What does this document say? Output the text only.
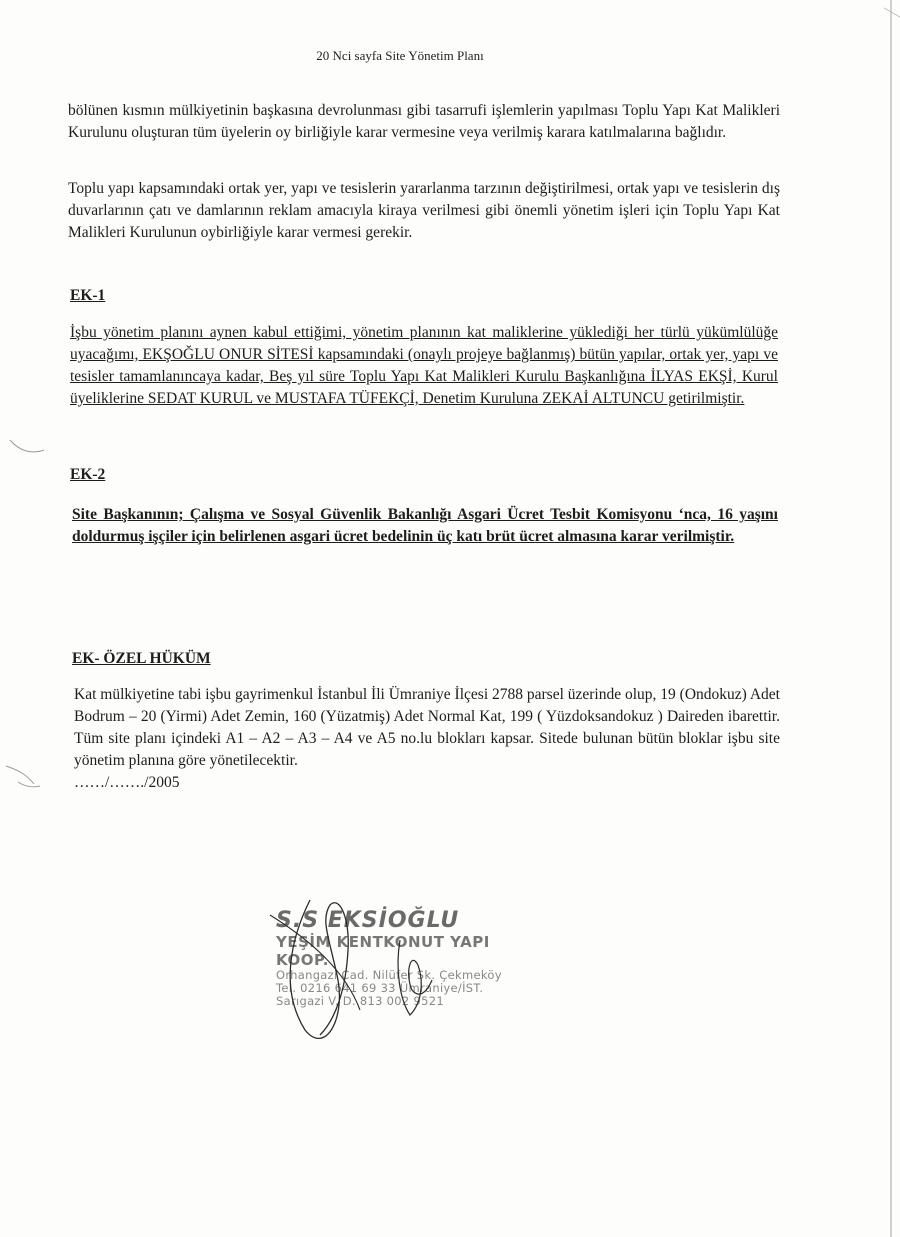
20 Nci sayfa Site Yönetim Planı

bölünen kısmın mülkiyetinin başkasına devrolunması gibi tasarrufi işlemlerin yapılması Toplu Yapı Kat Malikleri Kurulunu oluşturan tüm üyelerin oy birliğiyle karar vermesine veya verilmiş karara katılmalarına bağlıdır.

Toplu yapı kapsamındaki ortak yer, yapı ve tesislerin yararlanma tarzının değiştirilmesi, ortak yapı ve tesislerin dış duvarlarının çatı ve damlarının reklam amacıyla kiraya verilmesi gibi önemli yönetim işleri için Toplu Yapı Kat Malikleri Kurulunun oybirliğiyle karar vermesi gerekir.

EK-1

İşbu yönetim planını aynen kabul ettiğimi, yönetim planının kat maliklerine yüklediği her türlü yükümlülüğe uyacağımı, EKŞOĞLU ONUR SİTESİ kapsamındaki (onaylı projeye bağlanmış) bütün yapılar, ortak yer, yapı ve tesisler tamamlanıncaya kadar, Beş yıl süre Toplu Yapı Kat Malikleri Kurulu Başkanlığına İLYAS EKŞİ, Kurul üyeliklerine SEDAT KURUL ve MUSTAFA TÜFEKÇİ, Denetim Kuruluna ZEKAİ ALTUNCU getirilmiştir.

EK-2

Site Başkanının; Çalışma ve Sosyal Güvenlik Bakanlığı Asgari Ücret Tesbit Komisyonu ‘nca, 16 yaşını doldurmuş işçiler için belirlenen asgari ücret bedelinin üç katı brüt ücret almasına karar verilmiştir.

EK- ÖZEL HÜKÜM

Kat mülkiyetine tabi işbu gayrimenkul İstanbul İli Ümraniye İlçesi 2788 parsel üzerinde olup, 19 (Ondokuz) Adet Bodrum – 20 (Yirmi) Adet Zemin, 160 (Yüzatmiş) Adet Normal Kat, 199 ( Yüzdoksandokuz ) Daireden ibarettir. Tüm site planı içindeki A1 – A2 – A3 – A4 ve A5 no.lu blokları kapsar. Sitede bulunan bütün bloklar işbu site yönetim planına göre yönetilecektir.

……/……./2005

S.S EKSİOĞLU
YEŞİM KENTKONUT YAPI KOOP.
Orhangazi Cad. Nilüfer Sk. Çekmeköy
Tel. 0216 641 69 33 Ümraniye/İST.
Sarıgazi V. D. 813 002 9521
